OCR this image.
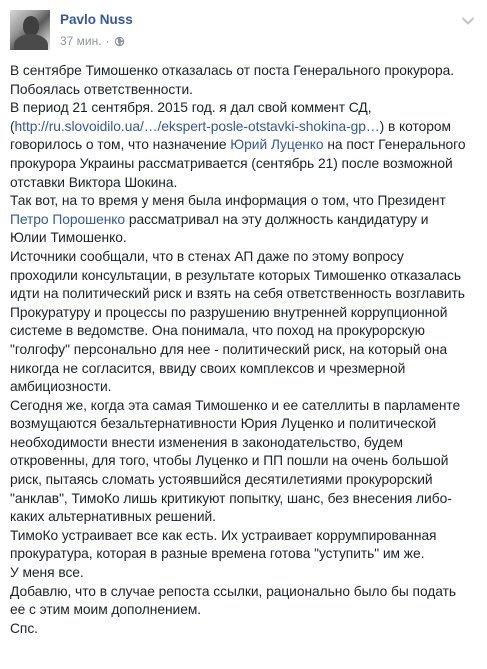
Pavlo Nuss
37 мин. ·
В сентябре Тимошенко отказалась от поста Генерального прокурора.
Побоялась ответственности.
В период 21 сентября. 2015 год. я дал свой коммент СД,
(http://ru.slovoidilo.ua/…/ekspert-posle-otstavki-shokina-gp…) в котором
говорилось о том, что назначение Юрий Луценко на пост Генерального
прокурора Украины рассматривается (сентябрь 21) после возможной
отставки Виктора Шокина.
Так вот, на то время у меня была информация о том, что Президент
Петро Порошенко рассматривал на эту должность кандидатуру и
Юлии Тимошенко.
Источники сообщали, что в стенах АП даже по этому вопросу
проходили консультации, в результате которых Тимошенко отказалась
идти на политический риск и взять на себя ответственность возглавить
Прокуратуру и процессы по разрушению внутренней коррупционной
системе в ведомстве. Она понимала, что поход на прокурорскую
"голгофу" персонально для нее - политический риск, на который она
никогда не согласится, ввиду своих комплексов и чрезмерной
амбициозности.
Сегодня же, когда эта самая Тимошенко и ее сателлиты в парламенте
возмущаются безальтернативности Юрия Луценко и политической
необходимости внести изменения в законодательство, будем
откровенны, для того, чтобы Луценко и ПП пошли на очень большой
риск, пытаясь сломать устоявшийся десятилетиями прокурорский
"анклав", ТимоКо лишь критикуют попытку, шанс, без внесения либо-
каких альтернативных решений.
ТимоКо устраивает все как есть. Их устраивает коррумпированная
прокуратура, которая в разные времена готова "уступить" им же.
У меня все.
Добавлю, что в случае репоста ссылки, рационально было бы подать
ее с этим моим дополнением.
Спс.
